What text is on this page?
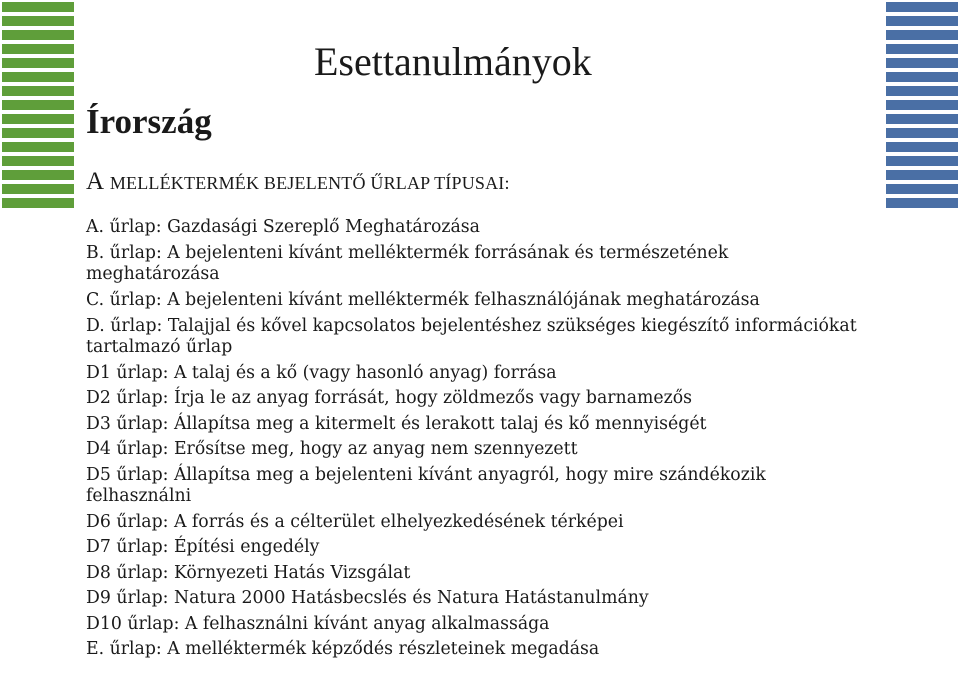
Esettanulmányok
Írország
A MELLÉKTERMÉK BEJELENTŐ ŰRLAP TÍPUSAI:
A. űrlap: Gazdasági Szereplő Meghatározása
B. űrlap: A bejelenteni kívánt melléktermék forrásának és természetének meghatározása
C. űrlap: A bejelenteni kívánt melléktermék felhasználójának meghatározása
D. űrlap: Talajjal és kővel kapcsolatos bejelentéshez szükséges kiegészítő információkat tartalmazó űrlap
D1 űrlap: A talaj és a kő (vagy hasonló anyag) forrása
D2 űrlap: Írja le az anyag forrását, hogy zöldmezős vagy barnamezős
D3 űrlap: Állapítsa meg a kitermelt és lerakott talaj és kő mennyiségét
D4 űrlap: Erősítse meg, hogy az anyag nem szennyezett
D5 űrlap: Állapítsa meg a bejelenteni kívánt anyagról, hogy mire szándékozik felhasználni
D6 űrlap: A forrás és a célterület elhelyezkedésének térképei
D7 űrlap: Építési engedély
D8 űrlap: Környezeti Hatás Vizsgálat
D9 űrlap: Natura 2000 Hatásbecslés és Natura Hatástanulmány
D10 űrlap: A felhasználni kívánt anyag alkalmassága
E. űrlap: A melléktermék képződés részleteinek megadása
